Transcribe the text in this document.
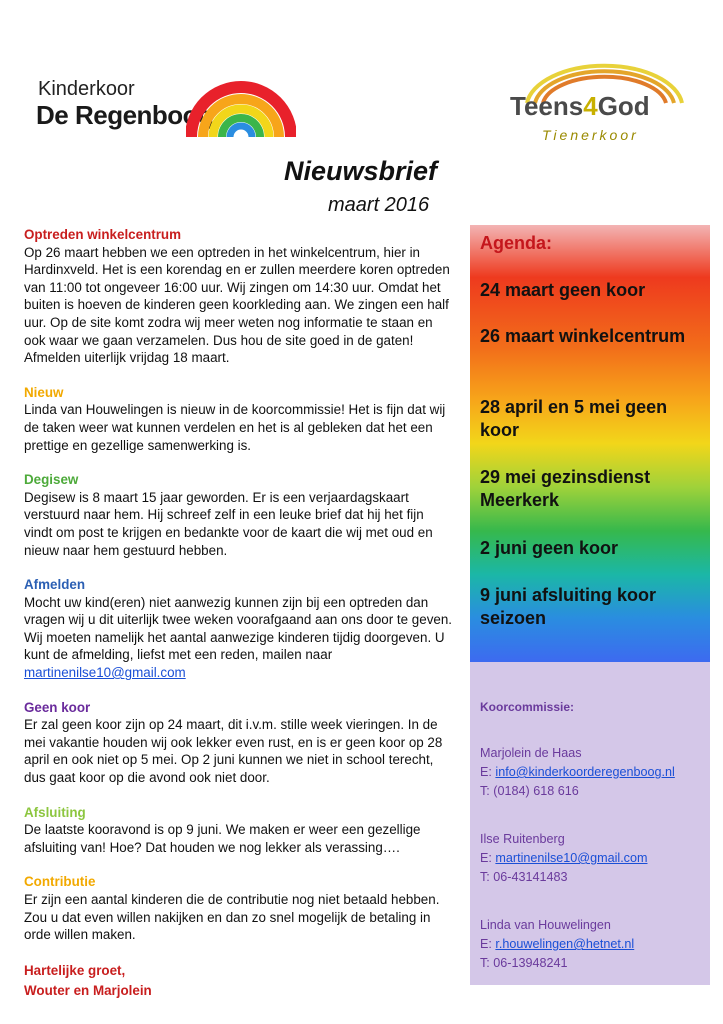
Kinderkoor
De Regenboog	Teens4God
Tienerkoor
Nieuwsbrief
maart 2016
Optreden winkelcentrum

Op 26 maart hebben we een optreden in het winkelcentrum, hier in Hardinxveld. Het is een korendag en er zullen meerdere koren optreden van 11:00 tot ongeveer 16:00 uur. Wij zingen om 14:30 uur. Omdat het buiten is hoeven de kinderen geen koorkleding aan. We zingen een half uur. Op de site komt zodra wij meer weten nog informatie te staan en ook waar we gaan verzamelen. Dus hou de site goed in de gaten! Afmelden uiterlijk vrijdag 18 maart.

Nieuw

Linda van Houwelingen is nieuw in de koorcommissie! Het is fijn dat wij de taken weer wat kunnen verdelen en het is al gebleken dat het een prettige en gezellige samenwerking is.

Degisew

Degisew is 8 maart 15 jaar geworden. Er is een verjaardagskaart verstuurd naar hem. Hij schreef zelf in een leuke brief dat hij het fijn vindt om post te krijgen en bedankte voor de kaart die wij met oud en nieuw naar hem gestuurd hebben.

Afmelden

Mocht uw kind(eren) niet aanwezig kunnen zijn bij een optreden dan vragen wij u dit uiterlijk twee weken voorafgaand aan ons door te geven. Wij moeten namelijk het aantal aanwezige kinderen tijdig doorgeven. U kunt de afmelding, liefst met een reden, mailen naar
martinenilse10@gmail.com

Geen koor

Er zal geen koor zijn op 24 maart, dit i.v.m. stille week vieringen. In de mei vakantie houden wij ook lekker even rust, en is er geen koor op 28 april en ook niet op 5 mei. Op 2 juni kunnen we niet in school terecht, dus gaat koor op die avond ook niet door.

Afsluiting

De laatste kooravond is op 9 juni. We maken er weer een gezellige afsluiting van! Hoe? Dat houden we nog lekker als verassing….

Contributie

Er zijn een aantal kinderen die de contributie nog niet betaald hebben. Zou u dat even willen nakijken en dan zo snel mogelijk de betaling in orde willen maken.

Hartelijke groet,

Wouter en Marjolein

Agenda:
24 maart geen koor
26 maart winkelcentrum
28 april en 5 mei geen koor
29 mei gezinsdienst Meerkerk
2 juni geen koor
9 juni afsluiting koor seizoen
Koorcommissie:
Marjolein de Haas
E: info@kinderkoorderegenboog.nl
T: (0184) 618 616
Ilse Ruitenberg
E: martinenilse10@gmail.com
T: 06-43141483
Linda van Houwelingen
E: r.houwelingen@hetnet.nl
T: 06-13948241
